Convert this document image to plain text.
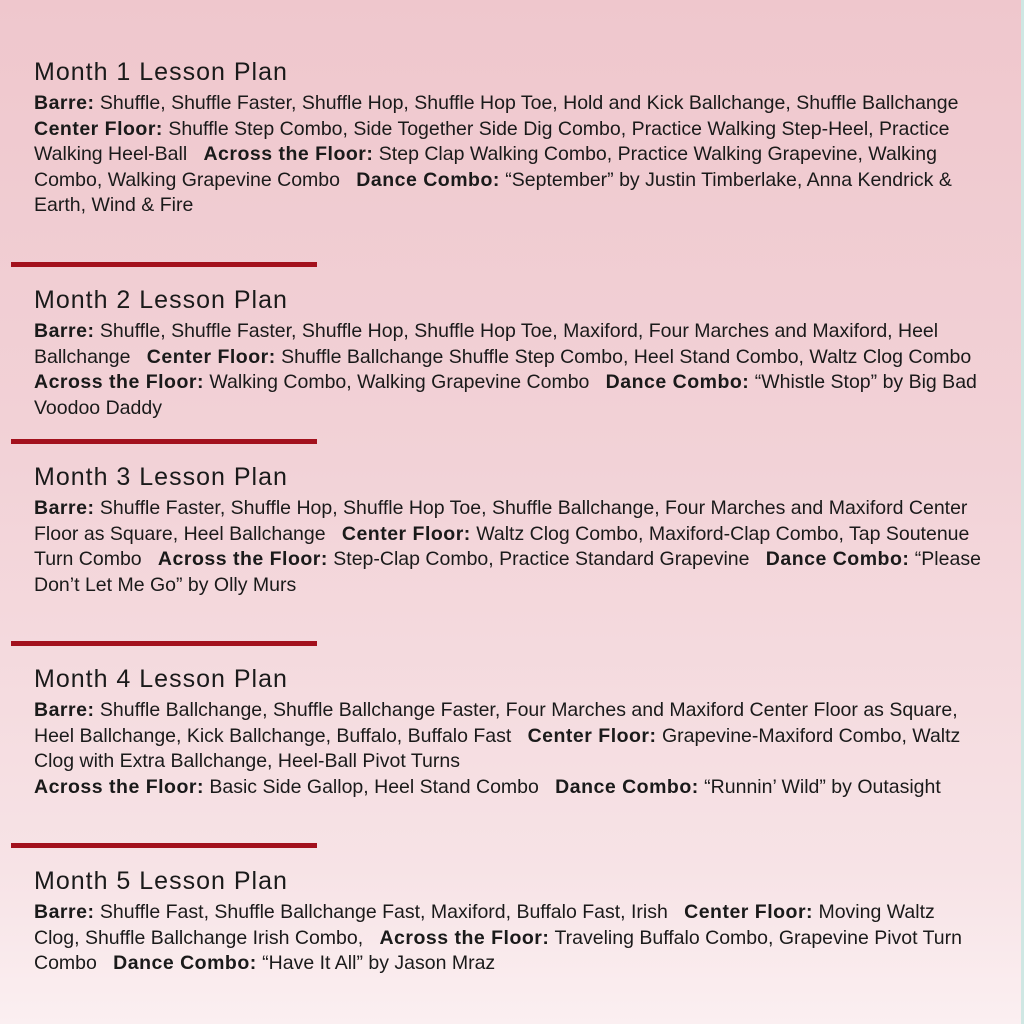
Month 1 Lesson Plan

Barre: Shuffle, Shuffle Faster, Shuffle Hop, Shuffle Hop Toe, Hold and Kick Ballchange, Shuffle Ballchange   Center Floor: Shuffle Step Combo, Side Together Side Dig Combo, Practice Walking Step-Heel, Practice Walking Heel-Ball Across the Floor: Step Clap Walking Combo, Practice Walking Grapevine, Walking Combo, Walking Grapevine Combo Dance Combo: “September” by Justin Timberlake, Anna Kendrick & Earth, Wind & Fire

Month 2 Lesson Plan

Barre: Shuffle, Shuffle Faster, Shuffle Hop, Shuffle Hop Toe, Maxiford, Four Marches and Maxiford, Heel Ballchange Center Floor: Shuffle Ballchange Shuffle Step Combo, Heel Stand Combo, Waltz Clog Combo   Across the Floor: Walking Combo, Walking Grapevine Combo Dance Combo: “Whistle Stop” by Big Bad Voodoo Daddy

Month 3 Lesson Plan

Barre: Shuffle Faster, Shuffle Hop, Shuffle Hop Toe, Shuffle Ballchange, Four Marches and Maxiford Center Floor as Square, Heel Ballchange Center Floor: Waltz Clog Combo, Maxiford-Clap Combo, Tap Soutenue Turn Combo Across the Floor: Step-Clap Combo, Practice Standard Grapevine Dance Combo: “Please Don’t Let Me Go” by Olly Murs

Month 4 Lesson Plan

Barre: Shuffle Ballchange, Shuffle Ballchange Faster, Four Marches and Maxiford Center Floor as Square, Heel Ballchange, Kick Ballchange, Buffalo, Buffalo Fast Center Floor: Grapevine-Maxiford Combo, Waltz Clog with Extra Ballchange, Heel-Ball Pivot Turns
Across the Floor: Basic Side Gallop, Heel Stand Combo Dance Combo: “Runnin’ Wild” by Outasight

Month 5 Lesson Plan

Barre: Shuffle Fast, Shuffle Ballchange Fast, Maxiford, Buffalo Fast, Irish Center Floor: Moving Waltz Clog, Shuffle Ballchange Irish Combo, Across the Floor: Traveling Buffalo Combo, Grapevine Pivot Turn Combo Dance Combo: “Have It All” by Jason Mraz
